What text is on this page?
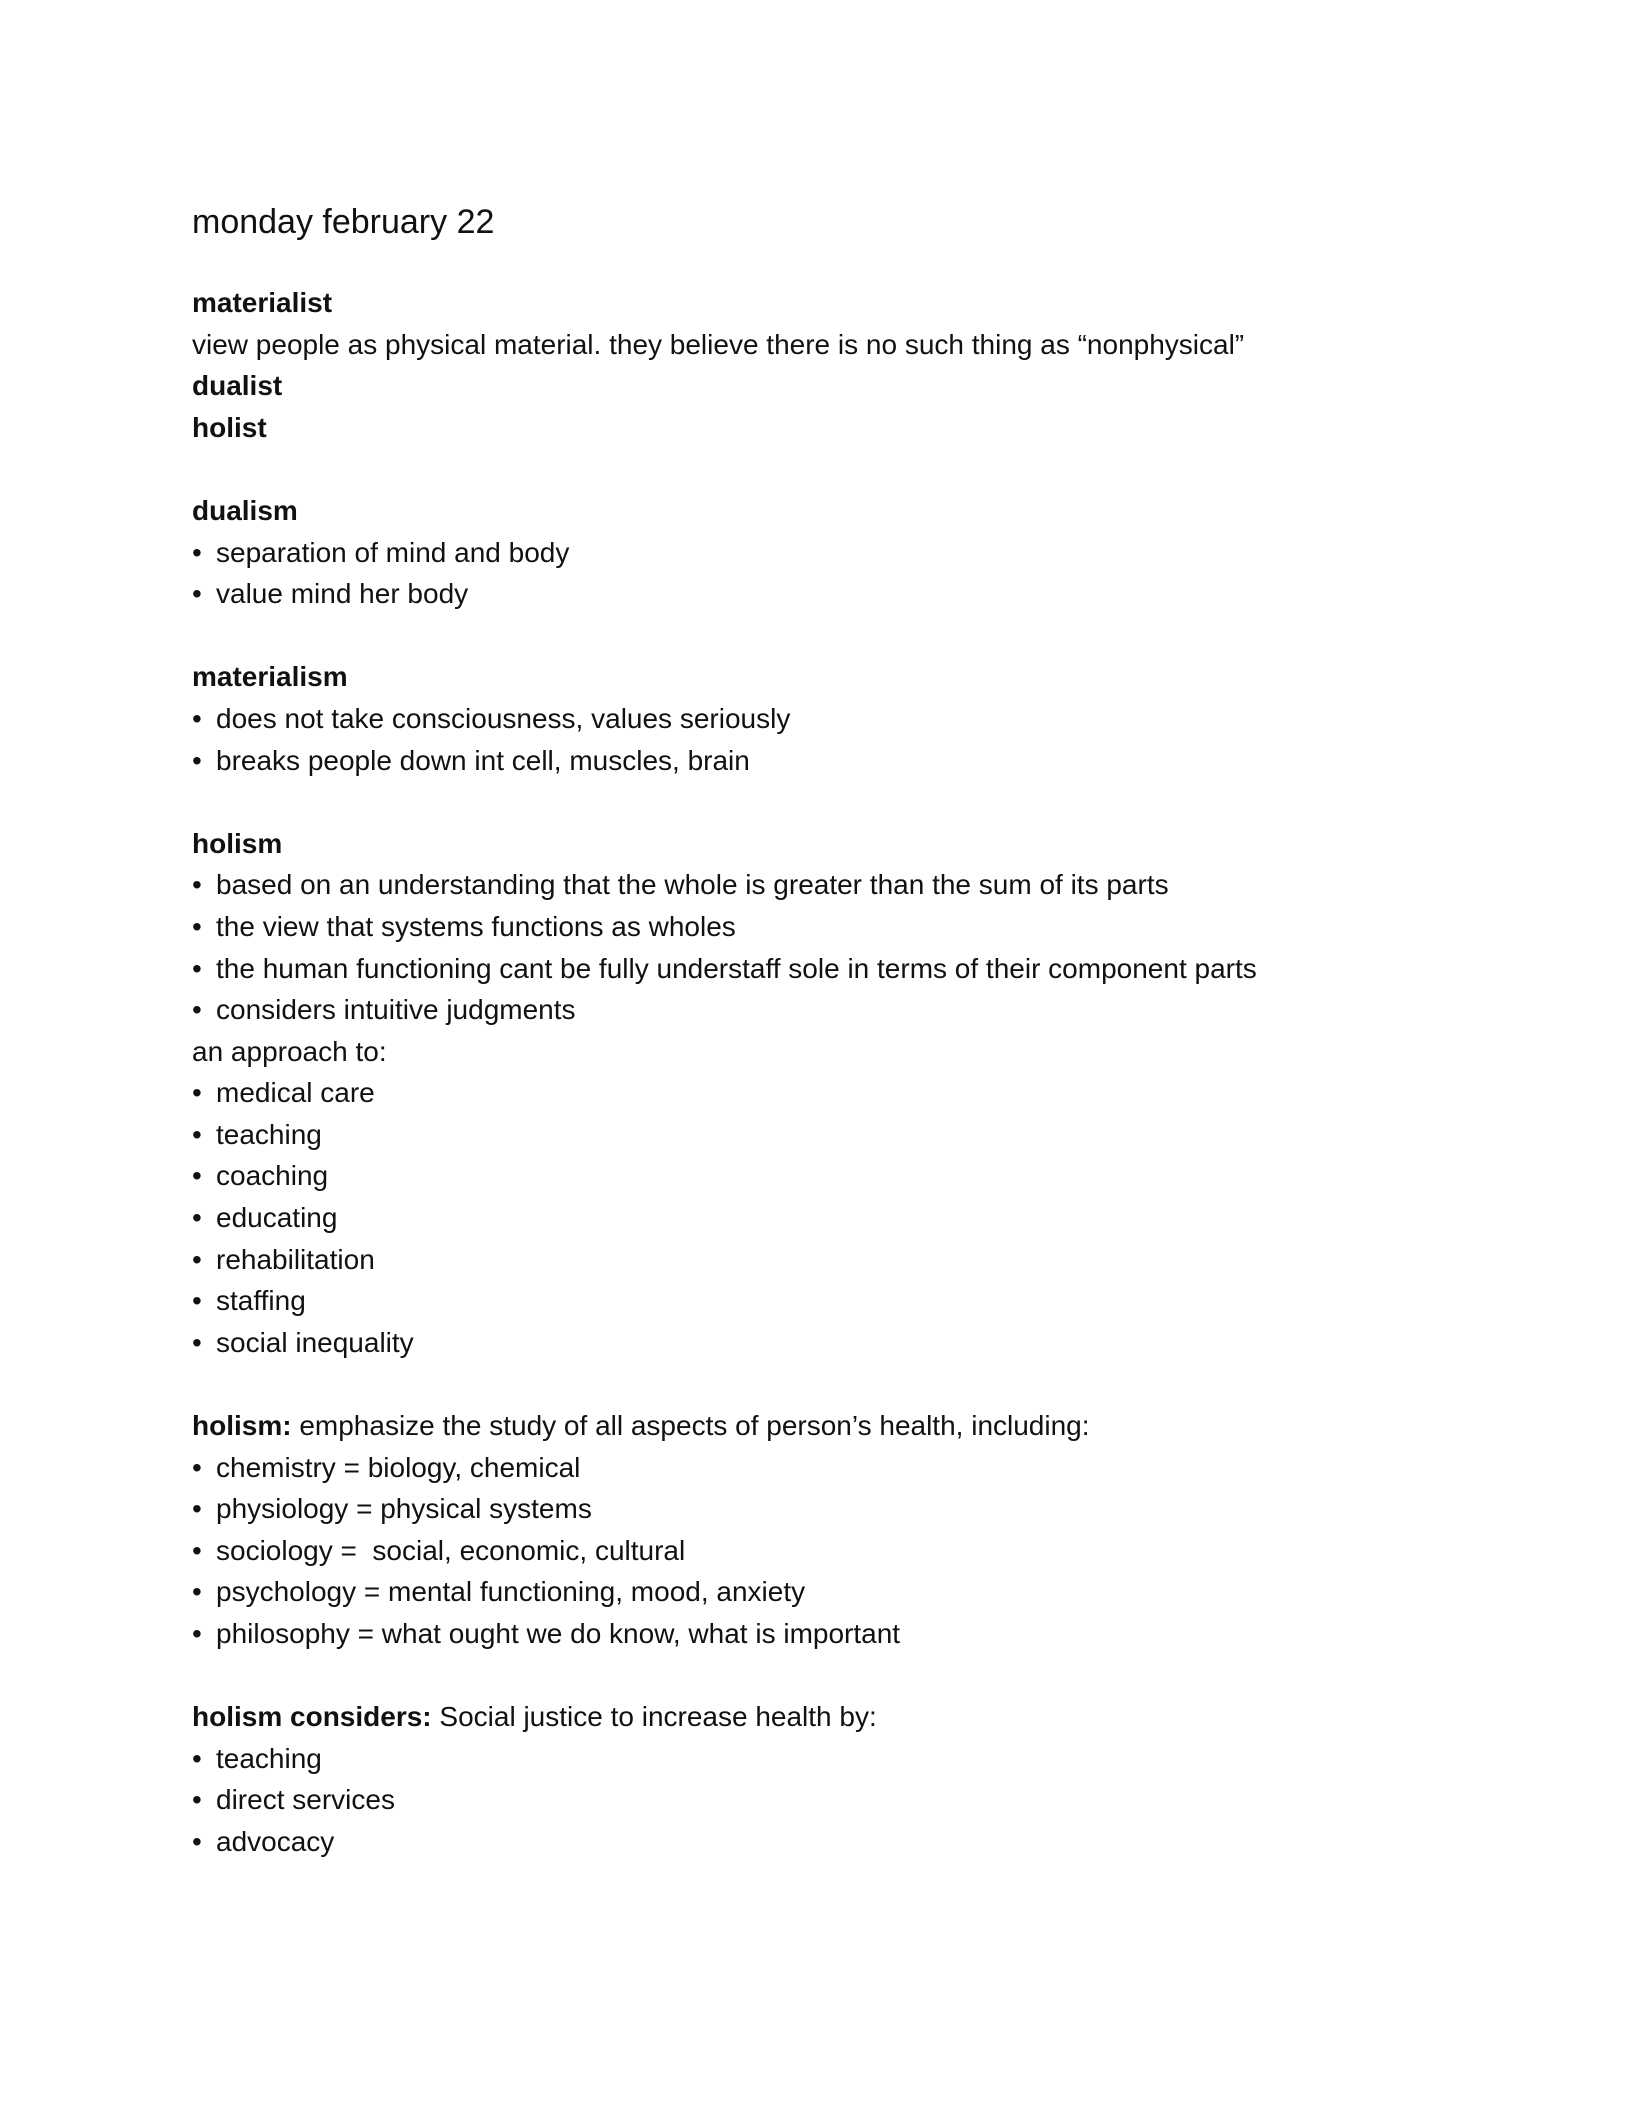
monday february 22
materialist
view people as physical material. they believe there is no such thing as “nonphysical”
dualist
holist
dualism
• separation of mind and body
• value mind her body
materialism
• does not take consciousness, values seriously
• breaks people down int cell, muscles, brain
holism
• based on an understanding that the whole is greater than the sum of its parts
• the view that systems functions as wholes
• the human functioning cant be fully understaff sole in terms of their component parts
• considers intuitive judgments
an approach to:
• medical care
• teaching
• coaching
• educating
• rehabilitation
• staffing
• social inequality
holism: emphasize the study of all aspects of person’s health, including:
• chemistry = biology, chemical
• physiology = physical systems
• sociology =  social, economic, cultural
• psychology = mental functioning, mood, anxiety
• philosophy = what ought we do know, what is important
holism considers: Social justice to increase health by:
• teaching
• direct services
• advocacy
